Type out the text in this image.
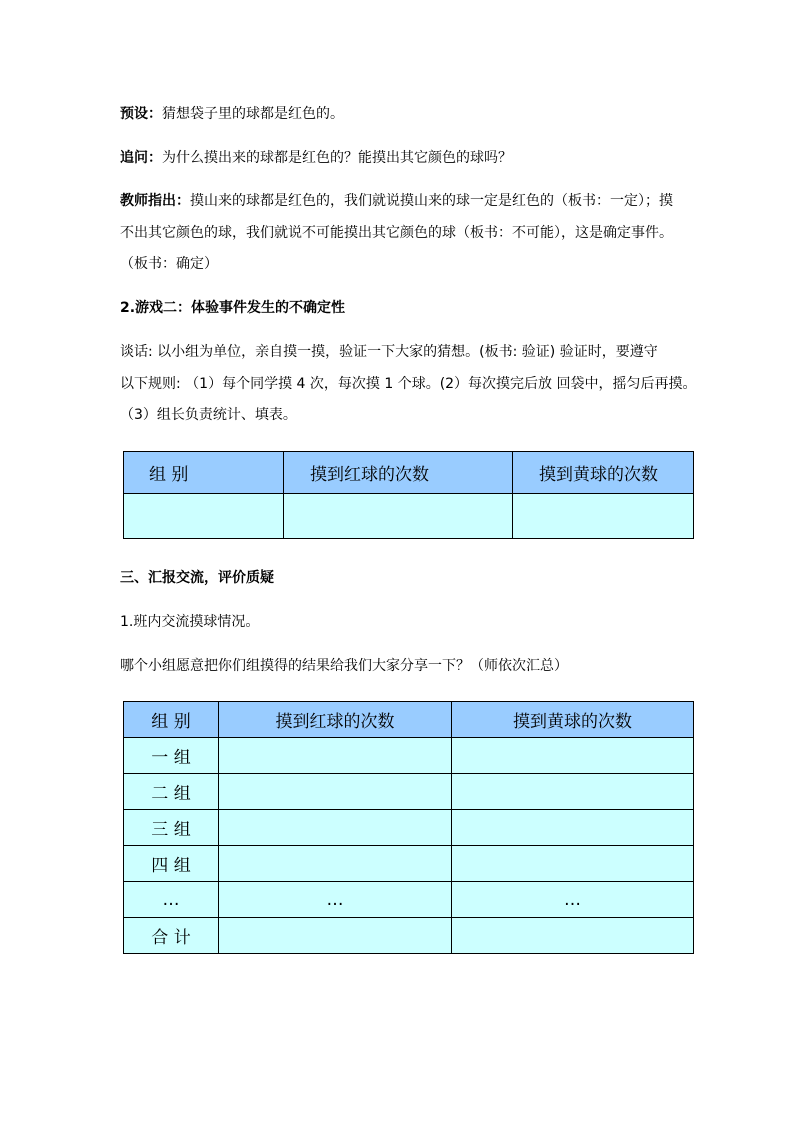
预设：猜想袋子里的球都是红色的。
追问：为什么摸出来的球都是红色的？能摸出其它颜色的球吗？
教师指出：摸山来的球都是红色的，我们就说摸山来的球一定是红色的（板书：一定）；摸
不出其它颜色的球，我们就说不可能摸出其它颜色的球（板书：不可能），这是确定事件。
（板书：确定）
2.游戏二：体验事件发生的不确定性
谈话: 以小组为单位，亲自摸一摸，验证一下大家的猜想。(板书: 验证) 验证时，要遵守
以下规则: （1）每个同学摸 4 次，每次摸 1 个球。(2）每次摸完后放 回袋中，摇匀后再摸。
（3）组长负责统计、填表。
组 别	摸到红球的次数	摸到黄球的次数

三、汇报交流，评价质疑
1.班内交流摸球情况。
哪个小组愿意把你们组摸得的结果给我们大家分享一下？（师依次汇总）
组 别	摸到红球的次数	摸到黄球的次数
一 组		
二 组		
三 组		
四 组		
…	…	…
合 计		
